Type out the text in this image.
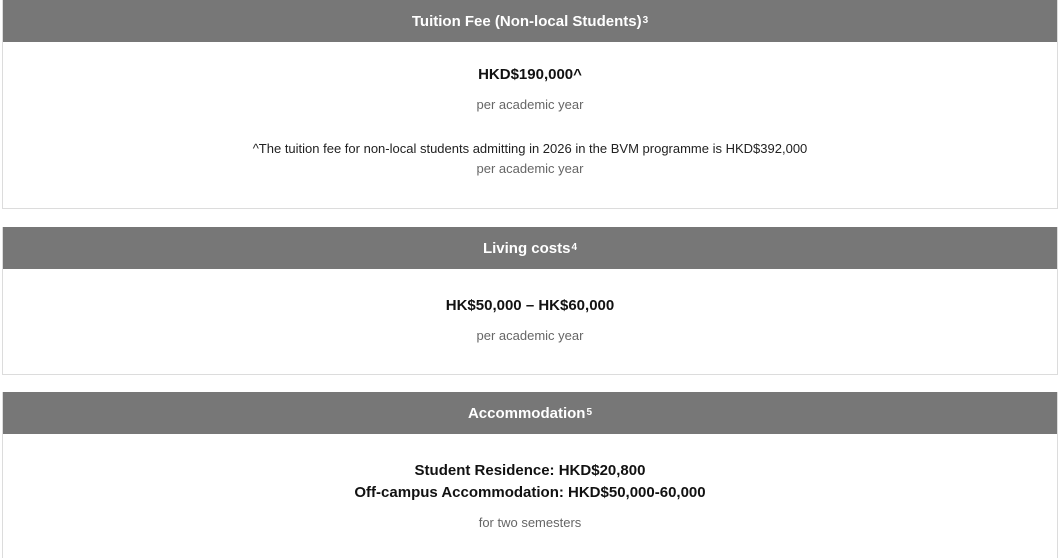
Tuition Fee (Non-local Students) 3
HKD$190,000^
per academic year
^The tuition fee for non-local students admitting in 2026 in the BVM programme is HKD$392,000
per academic year
Living costs 4
HK$50,000 – HK$60,000
per academic year
Accommodation 5
Student Residence: HKD$20,800
Off-campus Accommodation: HKD$50,000-60,000
for two semesters
